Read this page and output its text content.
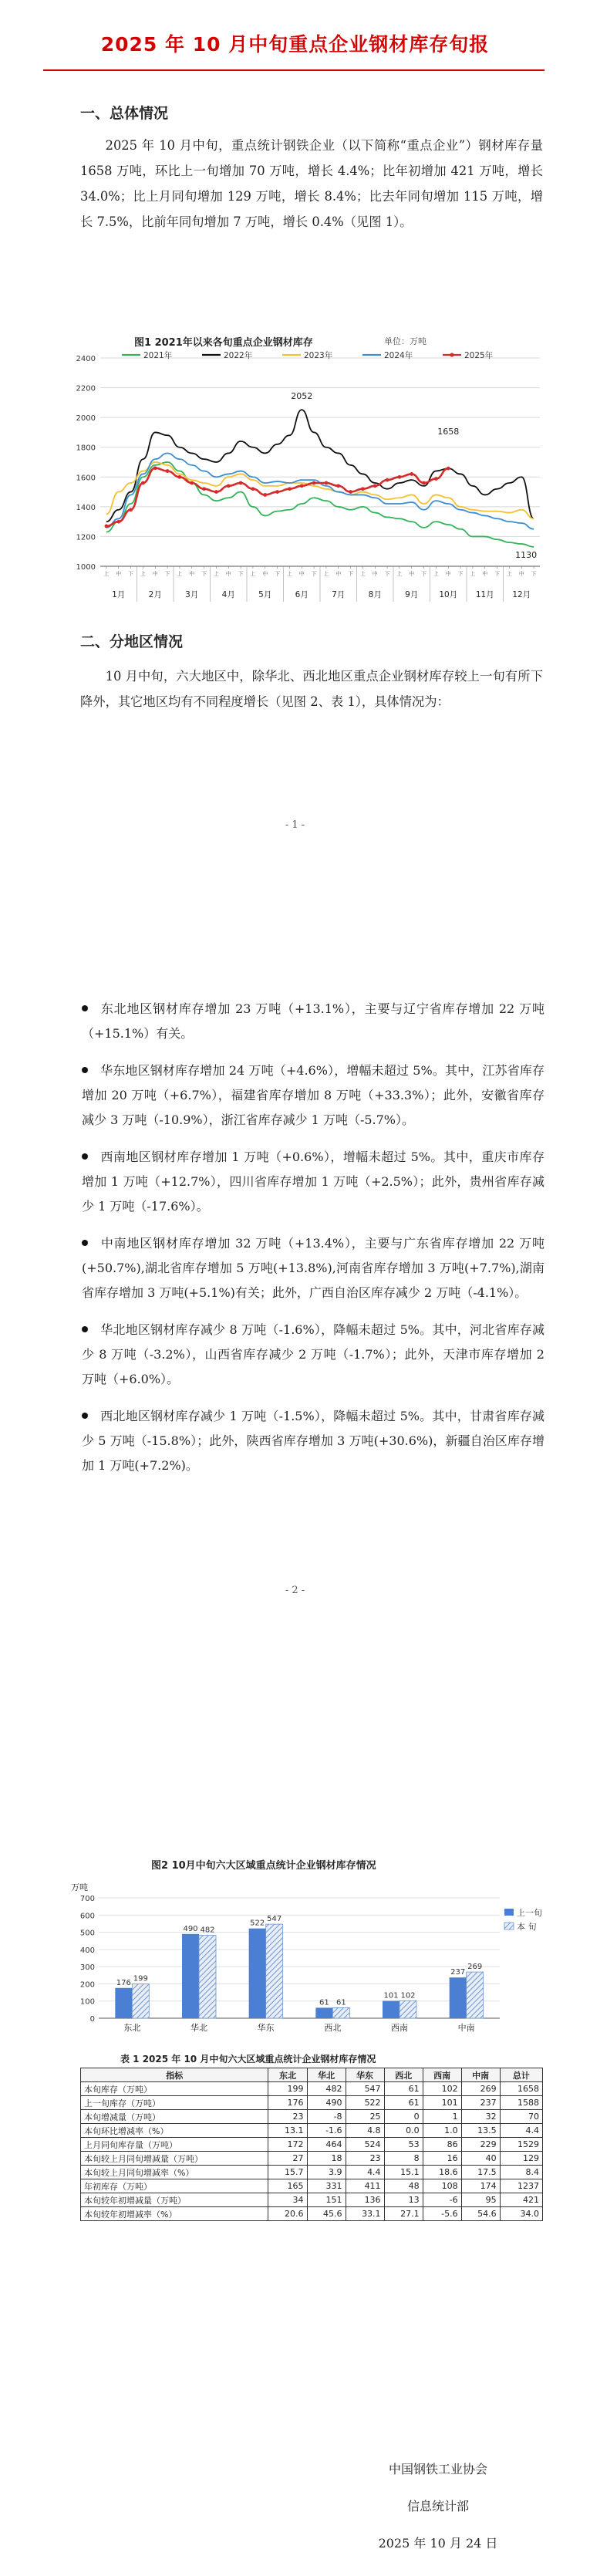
2025 年 10 月中旬重点企业钢材库存旬报
一、总体情况
2025 年 10 月中旬，重点统计钢铁企业（以下简称“重点企业”）钢材库存量 1658 万吨，环比上一旬增加 70 万吨，增长 4.4%；比年初增加 421 万吨，增长 34.0%；比上月同旬增加 129 万吨，增长 8.4%；比去年同旬增加 115 万吨，增长 7.5%，比前年同旬增加 7 万吨，增长 0.4%（见图 1）。
图1 2021年以来各旬重点企业钢材库存	单位：万吨
2400
2200
2000
1800
1600
1400
1200
1000
2021年	2022年	2023年	2024年	2025年
2052
1658
1130
上 中 下 上 中 下 上 中 下 上 中 下 上 中 下 上 中 下 上 中 下 上 中 下 上 中 下 上 中 下 上 中 下 上 中 下
1月	2月	3月	4月	5月	6月	7月	8月	9月	10月 11月 12月
二、分地区情况
10 月中旬，六大地区中，除华北、西北地区重点企业钢材库存较上一旬有所下降外，其它地区均有不同程度增长（见图 2、表 1），具体情况为：
- 1 -
东北地区钢材库存增加 23 万吨（+13.1%），主要与辽宁省库存增加 22 万吨（+15.1%）有关。
华东地区钢材库存增加 24 万吨（+4.6%），增幅未超过 5%。其中，江苏省库存增加 20 万吨（+6.7%），福建省库存增加 8 万吨（+33.3%）；此外，安徽省库存减少 3 万吨（-10.9%），浙江省库存减少 1 万吨（-5.7%）。
西南地区钢材库存增加 1 万吨（+0.6%），增幅未超过 5%。其中，重庆市库存增加 1 万吨（+12.7%），四川省库存增加 1 万吨（+2.5%）；此外，贵州省库存减少 1 万吨（-17.6%）。
中南地区钢材库存增加 32 万吨（+13.4%），主要与广东省库存增加 22 万吨(+50.7%),湖北省库存增加 5 万吨(+13.8%),河南省库存增加 3 万吨(+7.7%),湖南省库存增加 3 万吨(+5.1%)有关；此外，广西自治区库存减少 2 万吨（-4.1%）。
华北地区钢材库存减少 8 万吨（-1.6%），降幅未超过 5%。其中，河北省库存减少 8 万吨（-3.2%），山西省库存减少 2 万吨（-1.7%）；此外，天津市库存增加 2 万吨（+6.0%）。
西北地区钢材库存减少 1 万吨（-1.5%），降幅未超过 5%。其中，甘肃省库存减少 5 万吨（-15.8%）；此外，陕西省库存增加 3 万吨(+30.6%)，新疆自治区库存增加 1 万吨(+7.2%)。
- 2 -
图2 10月中旬六大区域重点统计企业钢材库存情况
万吨
700
600
500
400
300
200
100
0
176 199
东北
490 482
华北
522
547
华东
61 61
西北
101 102
西南
237
269
中南
上一旬
本 旬
表 1 2025 年 10 月中旬六大区域重点统计企业钢材库存情况
指标	东北	华北	华东	西北	西南	中南	总计
本旬库存（万吨）	199	482	547	61	102	269	1658
上一旬库存（万吨）	176	490	522	61	101	237	1588
本旬增减量（万吨）	23	-8	25	0	1	32	70
本旬环比增减率（%）	13.1	-1.6	4.8	0.0	1.0	13.5	4.4
上月同旬库存量（万吨）	172	464	524	53	86	229	1529
本旬较上月同旬增减量（万吨）	27	18	23	8	16	40	129
本旬较上月同旬增减率（%）	15.7	3.9	4.4	15.1	18.6	17.5	8.4
年初库存（万吨）	165	331	411	48	108	174	1237
本旬较年初增减量（万吨）	34	151	136	13	-6	95	421
本旬较年初增减率（%）	20.6	45.6	33.1	27.1	-5.6	54.6	34.0
中国钢铁工业协会
信息统计部
2025 年 10 月 24 日
